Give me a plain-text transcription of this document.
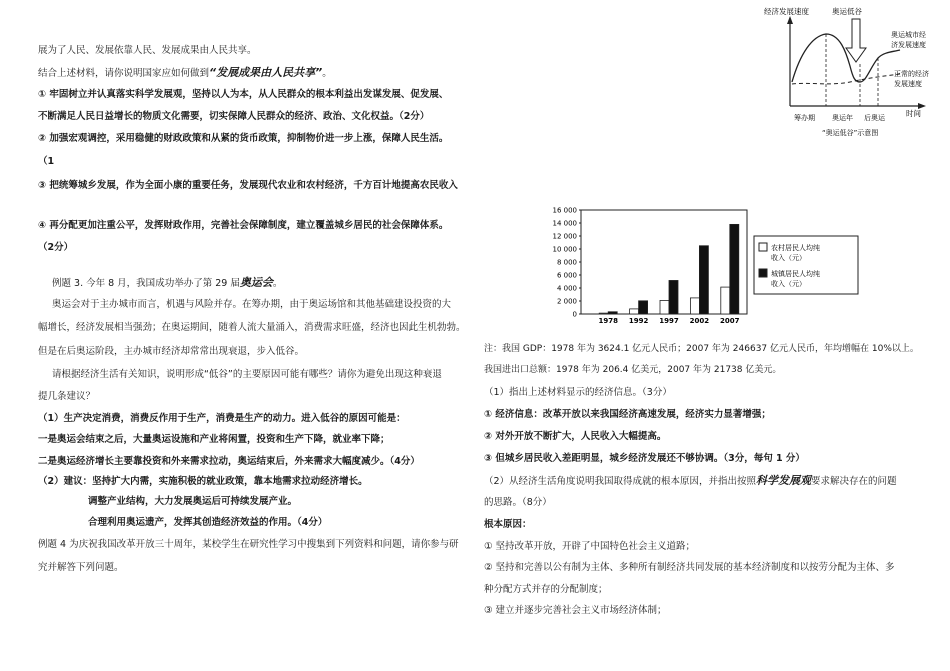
展为了人民、发展依靠人民、发展成果由人民共享。
结合上述材料，请你说明国家应如何做到“发展成果由人民共享”。
① 牢固树立并认真落实科学发展观，坚持以人为本，从人民群众的根本利益出发谋发展、促发展、
不断满足人民日益增长的物质文化需要，切实保障人民群众的经济、政治、文化权益。（2分）
② 加强宏观调控，采用稳健的财政政策和从紧的货币政策，抑制物价进一步上涨，保障人民生活。
（1
③ 把统筹城乡发展，作为全面小康的重要任务，发展现代农业和农村经济，千方百计地提高农民收入
④ 再分配更加注重公平，发挥财政作用，完善社会保障制度，建立覆盖城乡居民的社会保障体系。
（2分）
例题 3. 今年 8 月，我国成功举办了第 29 届奥运会。
奥运会对于主办城市而言，机遇与风险并存。在筹办期，由于奥运场馆和其他基础建设投资的大
幅增长，经济发展相当强劲；在奥运期间，随着人流大量涌入，消费需求旺盛，经济也因此生机勃勃。
但是在后奥运阶段，主办城市经济却常常出现衰退，步入低谷。
请根据经济生活有关知识，说明形成“低谷”的主要原因可能有哪些？请你为避免出现这种衰退
提几条建议？
（1）生产决定消费，消费反作用于生产，消费是生产的动力。进入低谷的原因可能是：
一是奥运会结束之后，大量奥运设施和产业将闲置，投资和生产下降，就业率下降；
二是奥运经济增长主要靠投资和外来需求拉动，奥运结束后，外来需求大幅度减少。（4分）
（2）建议：坚持扩大内需，实施积极的就业政策，靠本地需求拉动经济增长。
调整产业结构，大力发展奥运后可持续发展产业。
合理利用奥运遗产，发挥其创造经济效益的作用。（4分）
例题 4 为庆祝我国改革开放三十周年，某校学生在研究性学习中搜集到下列资料和问题，请你参与研
究并解答下列问题。
经济发展速度	奥运低谷
奥运城市经
济发展速度
正常的经济
发展速度
时间
筹办期 奥运年 后奥运
“奥运低谷”示意图
16 000
14 000
12 000
10 000
8 000
6 000
4 000
2 000
0
1978 1992 1997 2002 2007
农村居民人均纯
收入（元）
城镇居民人均纯
收入（元）
注：我国 GDP：1978 年为 3624.1 亿元人民币；2007 年为 246637 亿元人民币，年均增幅在 10%以上。
我国进出口总额：1978 年为 206.4 亿美元，2007 年为 21738 亿美元。
（1）指出上述材料显示的经济信息。（3分）
① 经济信息：改革开放以来我国经济高速发展，经济实力显著增强；
② 对外开放不断扩大，人民收入大幅提高。
③ 但城乡居民收入差距明显，城乡经济发展还不够协调。（3分，每句 1 分）
（2）从经济生活角度说明我国取得成就的根本原因，并指出按照科学发展观要求解决存在的问题
的思路。（8分）
根本原因：
① 坚持改革开放，开辟了中国特色社会主义道路；
② 坚持和完善以公有制为主体、多种所有制经济共同发展的基本经济制度和以按劳分配为主体、多
种分配方式并存的分配制度；
③ 建立并逐步完善社会主义市场经济体制；
